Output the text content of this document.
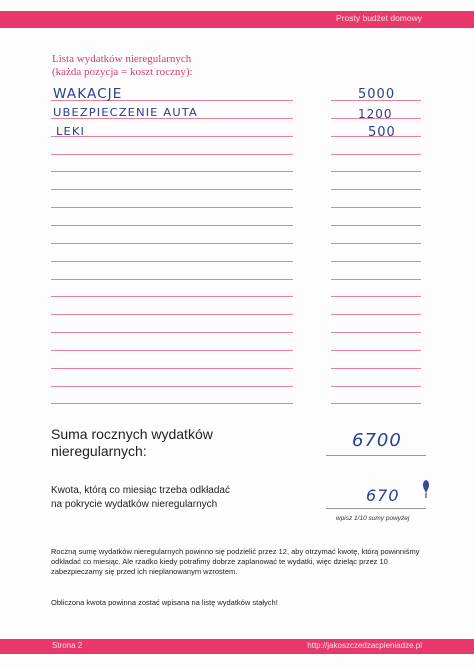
Prosty budżet domowy
Lista wydatków nieregularnych
(każda pozycja = koszt roczny):
WAKACJE	5000
UBEZPIECZENIE AUTA	1200
LEKI	500
Suma rocznych wydatków
nieregularnych:	6700
Kwota, którą co miesiąc trzeba odkładać
na pokrycie wydatków nieregularnych	670
wpisz 1/10 sumy powyżej
Roczną sumę wydatków nieregularnych powinno się podzielić przez 12, aby otrzymać kwotę, którą powinniśmy odkładać co miesiąc. Ale rzadko kiedy potrafimy dobrze zaplanować te wydatki, więc dzieląc przez 10 zabezpieczamy się przed ich nieplanowanym wzrostem.
Obliczona kwota powinna zostać wpisana na listę wydatków stałych!
Strona 2	http://jakoszczedzacpieniadze.pl
